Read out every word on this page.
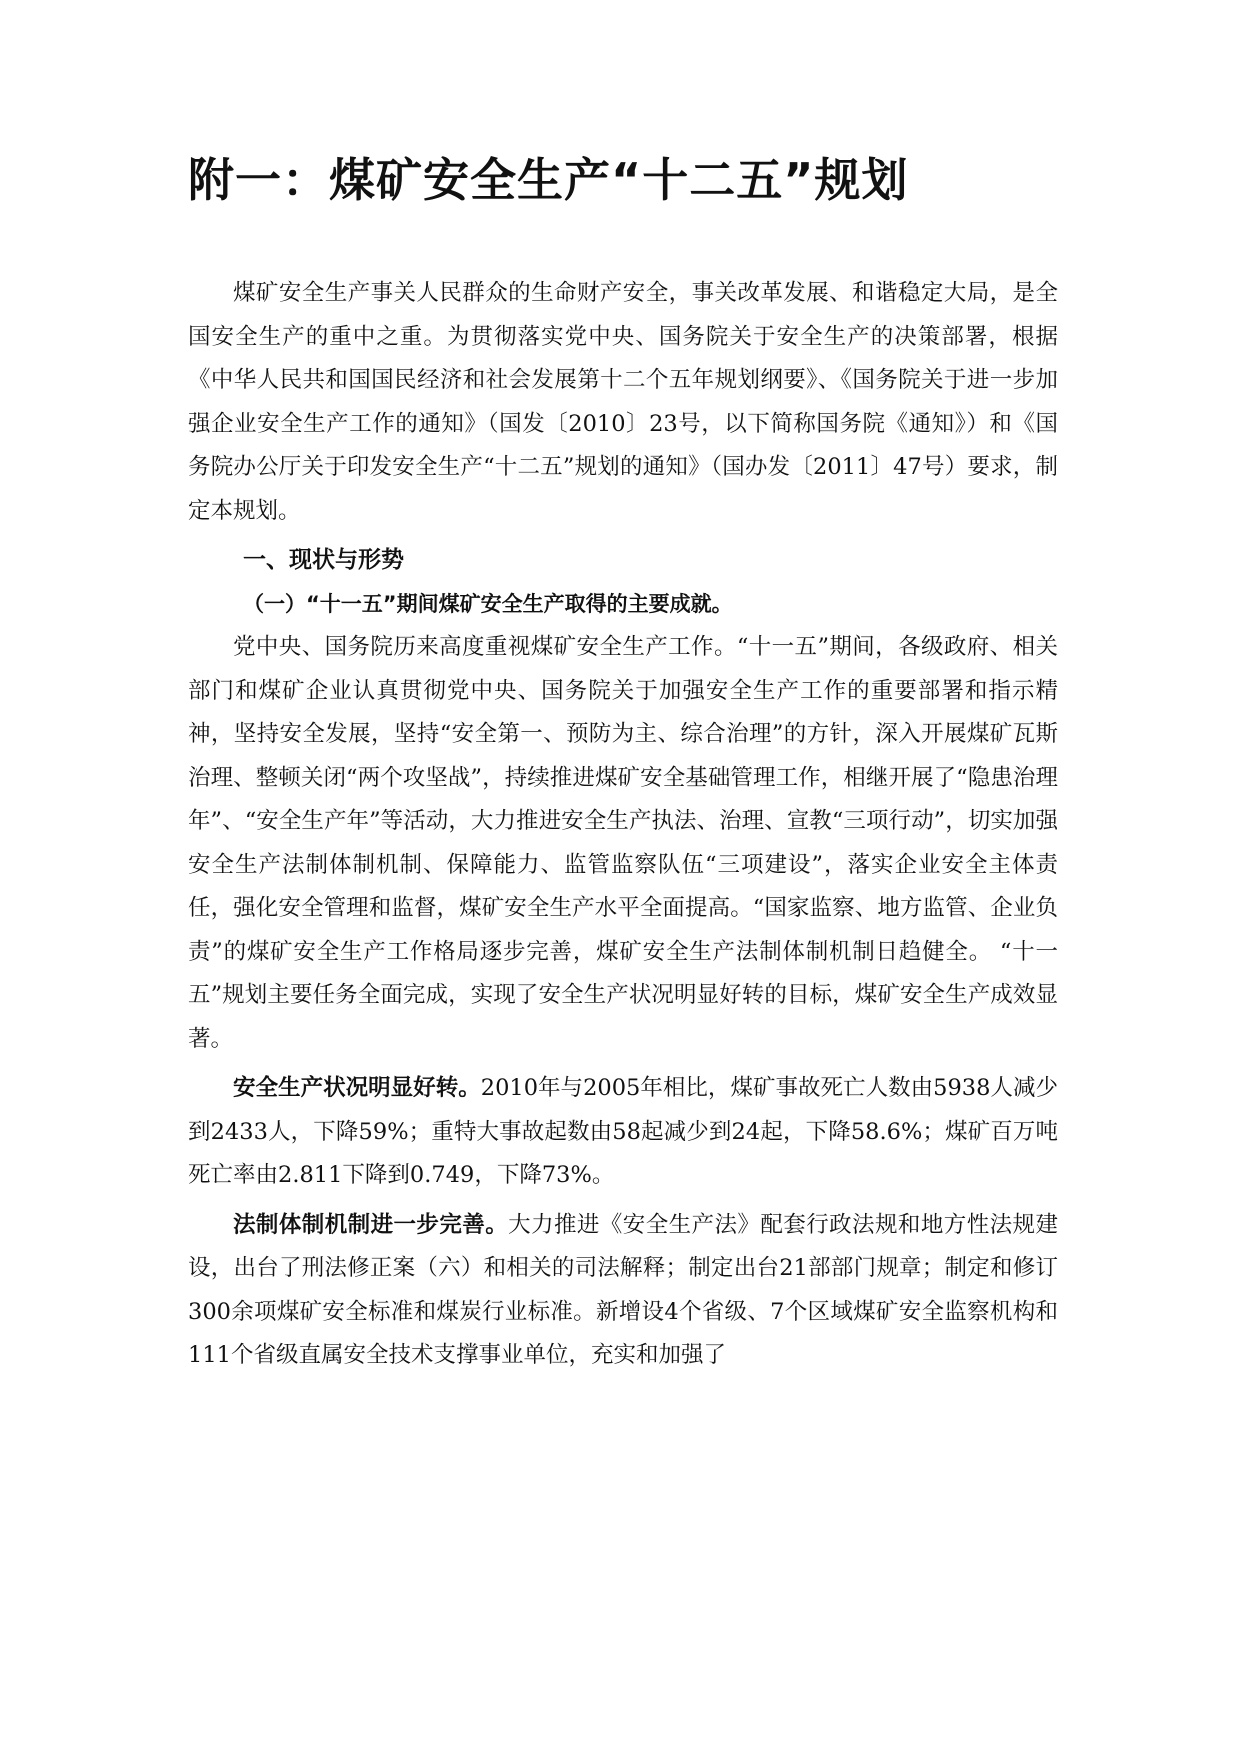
附一：煤矿安全生产“十二五”规划

煤矿安全生产事关人民群众的生命财产安全，事关改革发展、和谐稳定大局，是全国安全生产的重中之重。为贯彻落实党中央、国务院关于安全生产的决策部署，根据《中华人民共和国国民经济和社会发展第十二个五年规划纲要》、《国务院关于进一步加强企业安全生产工作的通知》（国发〔2010〕23号，以下简称国务院《通知》）和《国务院办公厅关于印发安全生产“十二五”规划的通知》（国办发〔2011〕47号）要求，制定本规划。

一、现状与形势

（一）“十一五”期间煤矿安全生产取得的主要成就。

党中央、国务院历来高度重视煤矿安全生产工作。“十一五”期间，各级政府、相关部门和煤矿企业认真贯彻党中央、国务院关于加强安全生产工作的重要部署和指示精神，坚持安全发展，坚持“安全第一、预防为主、综合治理”的方针，深入开展煤矿瓦斯治理、整顿关闭“两个攻坚战”，持续推进煤矿安全基础管理工作，相继开展了“隐患治理年”、“安全生产年”等活动，大力推进安全生产执法、治理、宣教“三项行动”，切实加强安全生产法制体制机制、保障能力、监管监察队伍“三项建设”，落实企业安全主体责任，强化安全管理和监督，煤矿安全生产水平全面提高。“国家监察、地方监管、企业负责”的煤矿安全生产工作格局逐步完善，煤矿安全生产法制体制机制日趋健全。 “十一五”规划主要任务全面完成，实现了安全生产状况明显好转的目标，煤矿安全生产成效显著。

安全生产状况明显好转。2010年与2005年相比，煤矿事故死亡人数由5938人减少到2433人，下降59%；重特大事故起数由58起减少到24起，下降58.6%；煤矿百万吨死亡率由2.811下降到0.749，下降73%。

法制体制机制进一步完善。大力推进《安全生产法》配套行政法规和地方性法规建设，出台了刑法修正案（六）和相关的司法解释；制定出台21部部门规章；制定和修订300余项煤矿安全标准和煤炭行业标准。新增设4个省级、7个区域煤矿安全监察机构和111个省级直属安全技术支撑事业单位，充实和加强了
